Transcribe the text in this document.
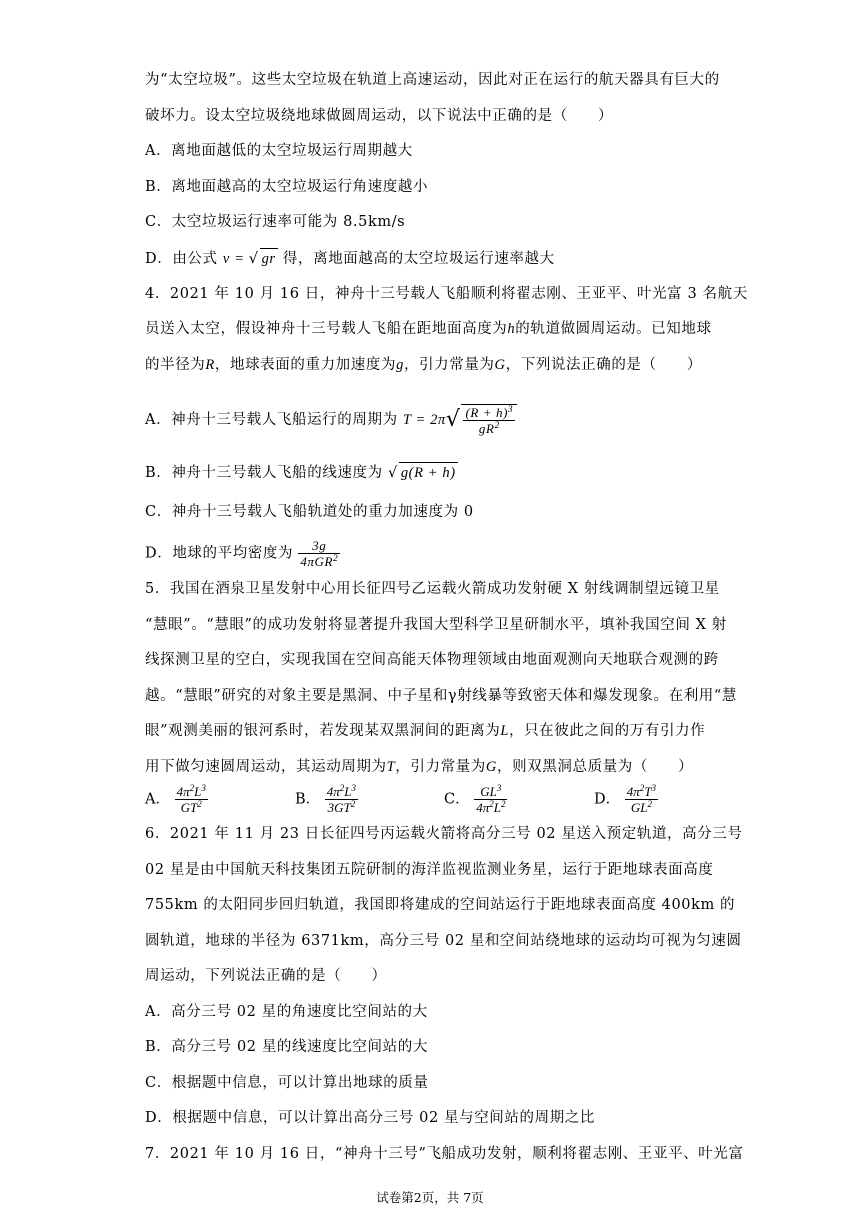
为“太空垃圾”。这些太空垃圾在轨道上高速运动，因此对正在运行的航天器具有巨大的
破坏力。设太空垃圾绕地球做圆周运动，以下说法中正确的是（　　）
A．离地面越低的太空垃圾运行周期越大
B．离地面越高的太空垃圾运行角速度越小
C．太空垃圾运行速率可能为 8.5km/s
D．由公式 v = √ gr 得，离地面越高的太空垃圾运行速率越大
4．2021 年 10 月 16 日，神舟十三号载人飞船顺利将翟志刚、王亚平、叶光富 3 名航天
员送入太空，假设神舟十三号载人飞船在距地面高度为h的轨道做圆周运动。已知地球
的半径为R，地球表面的重力加速度为g，引力常量为G，下列说法正确的是（　　）
A．神舟十三号载人飞船运行的周期为 $T = 2\pi√ \frac{(R + h)^3}{gR^2}$
B．神舟十三号载人飞船的线速度为 √ g(R + h)
C．神舟十三号载人飞船轨道处的重力加速度为 0
D．地球的平均密度为 $\frac{3g}{4\pi GR^2}$
5．我国在酒泉卫星发射中心用长征四号乙运载火箭成功发射硬 X 射线调制望远镜卫星
“慧眼”。“慧眼”的成功发射将显著提升我国大型科学卫星研制水平，填补我国空间 X 射
线探测卫星的空白，实现我国在空间高能天体物理领域由地面观测向天地联合观测的跨
越。“慧眼”研究的对象主要是黑洞、中子星和γ射线暴等致密天体和爆发现象。在利用“慧
眼”观测美丽的银河系时，若发现某双黑洞间的距离为L，只在彼此之间的万有引力作
用下做匀速圆周运动，其运动周期为T，引力常量为G，则双黑洞总质量为（　　）
A． $\frac{4\pi^2L^3}{GT^2}$	B． $\frac{4\pi^2L^3}{3GT^2}$	C． $\frac{GL^3}{4\pi^2L^2}$	D． $\frac{4\pi^2T^3}{GL^2}$
6．2021 年 11 月 23 日长征四号丙运载火箭将高分三号 02 星送入预定轨道，高分三号
02 星是由中国航天科技集团五院研制的海洋监视监测业务星，运行于距地球表面高度
755km 的太阳同步回归轨道，我国即将建成的空间站运行于距地球表面高度 400km 的
圆轨道，地球的半径为 6371km，高分三号 02 星和空间站绕地球的运动均可视为匀速圆
周运动，下列说法正确的是（　　）
A．高分三号 02 星的角速度比空间站的大
B．高分三号 02 星的线速度比空间站的大
C．根据题中信息，可以计算出地球的质量
D．根据题中信息，可以计算出高分三号 02 星与空间站的周期之比
7．2021 年 10 月 16 日，“神舟十三号”飞船成功发射，顺利将翟志刚、王亚平、叶光富
试卷第2页，共 7页
